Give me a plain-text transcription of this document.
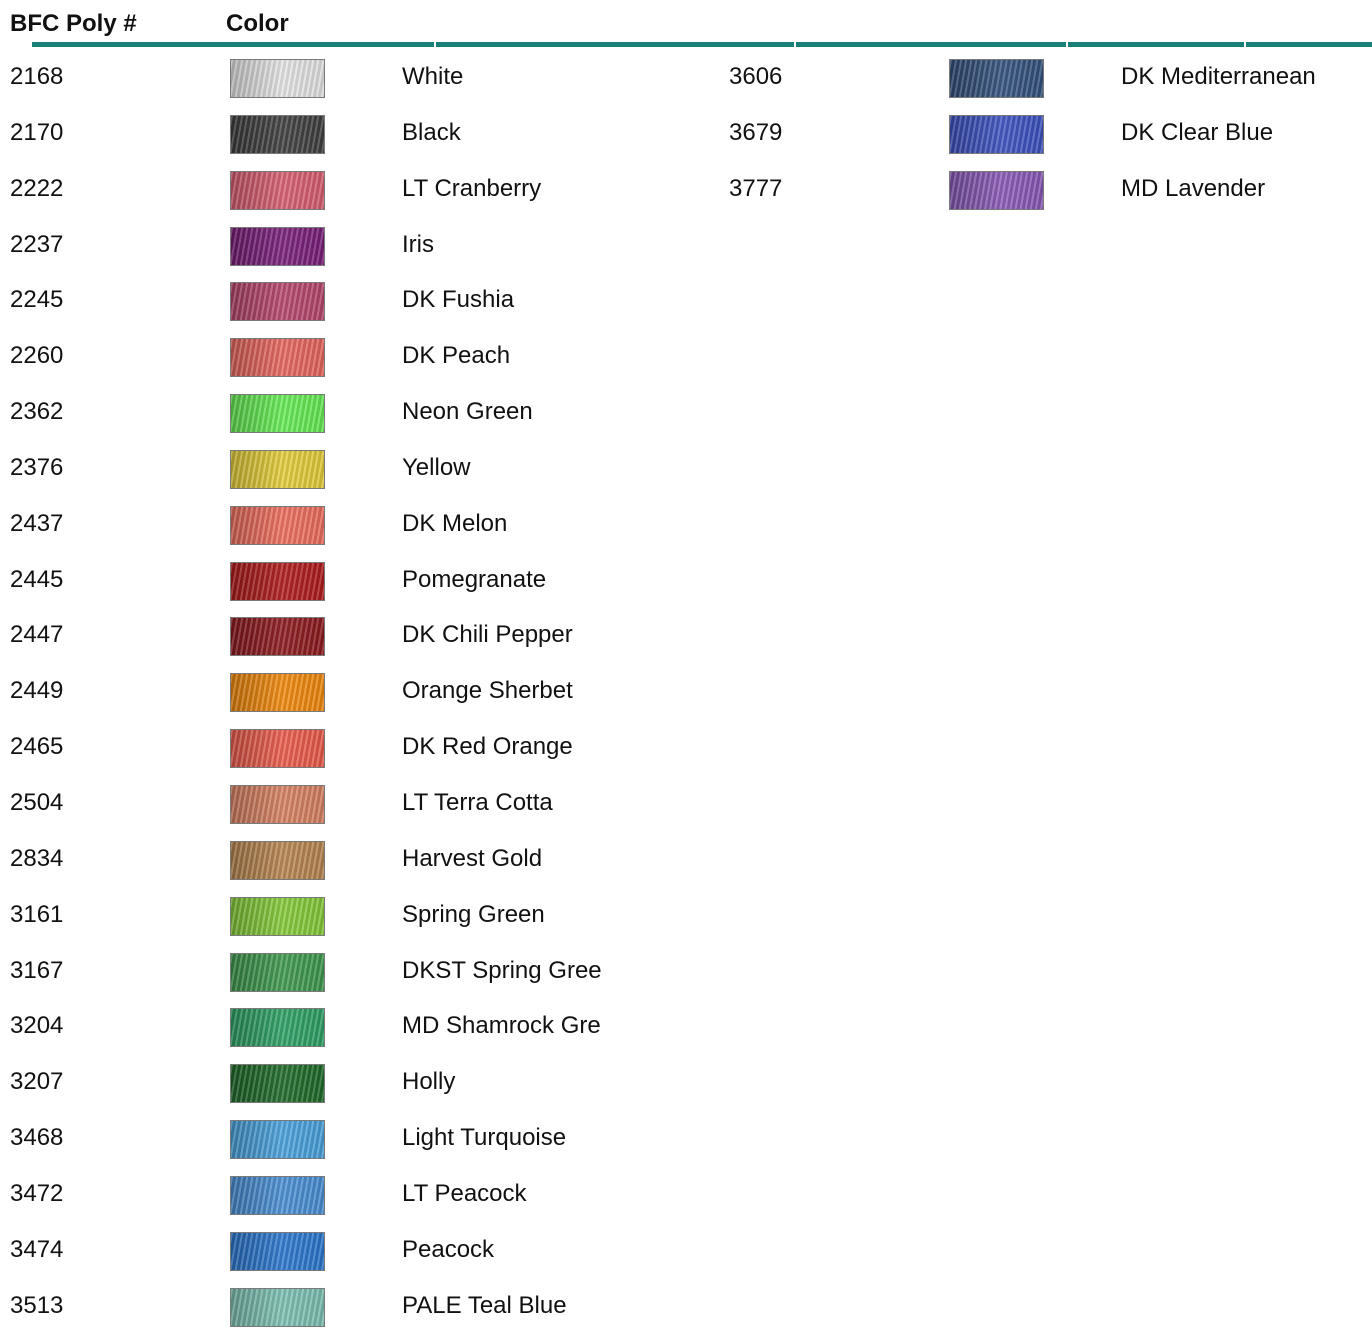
BFC Poly #	Color
2168	White
2170	Black
2222	LT Cranberry
2237	Iris
2245	DK Fushia
2260	DK Peach
2362	Neon Green
2376	Yellow
2437	DK Melon
2445	Pomegranate
2447	DK Chili Pepper
2449	Orange Sherbet
2465	DK Red Orange
2504	LT Terra Cotta
2834	Harvest Gold
3161	Spring Green
3167	DKST Spring Gree
3204	MD Shamrock Gre
3207	Holly
3468	Light Turquoise
3472	LT Peacock
3474	Peacock
3513	PALE Teal Blue
3606	DK Mediterranean
3679	DK Clear Blue
3777	MD Lavender
